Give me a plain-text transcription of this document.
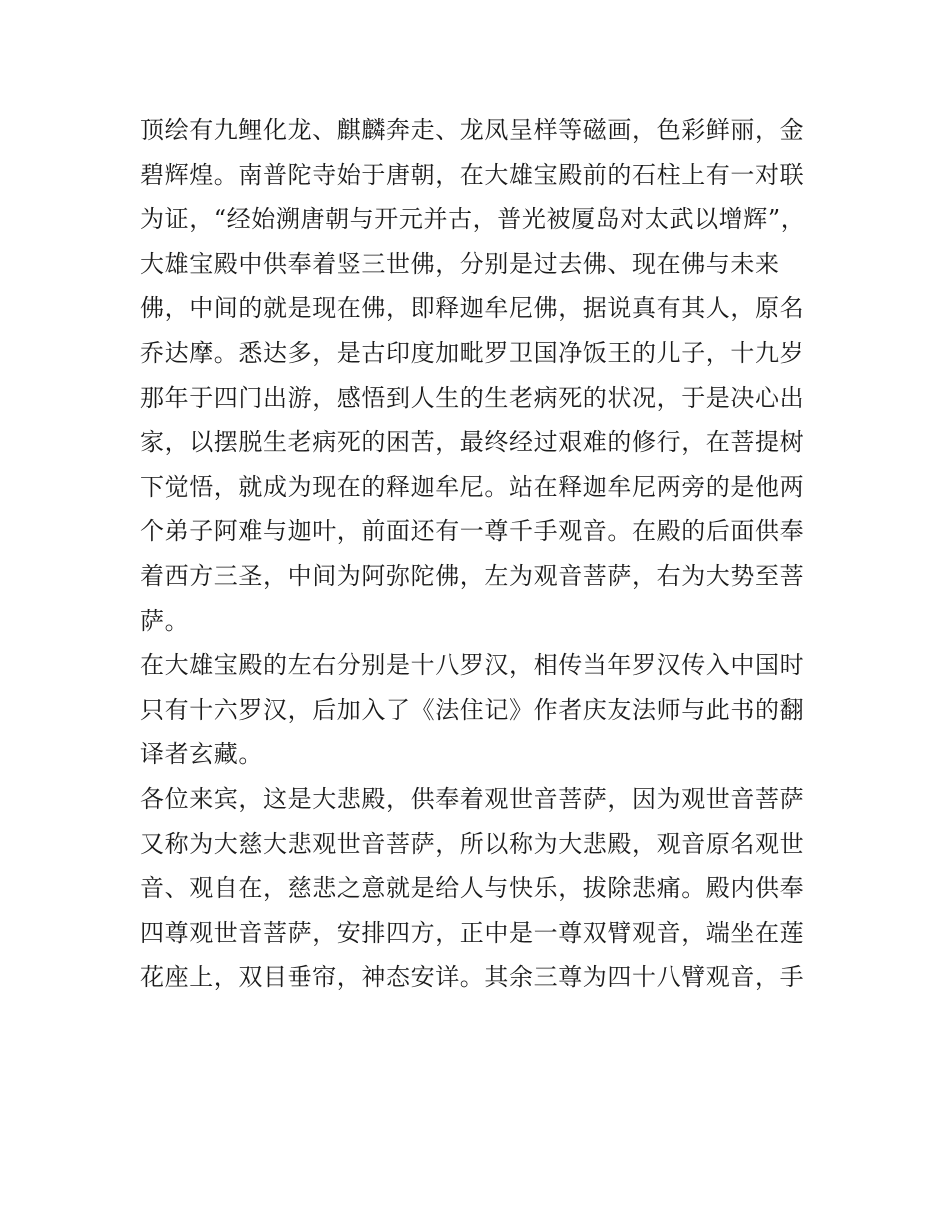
顶绘有九鲤化龙、麒麟奔走、龙凤呈样等磁画，色彩鲜丽，金
碧辉煌。南普陀寺始于唐朝，在大雄宝殿前的石柱上有一对联
为证，“经始溯唐朝与开元并古，普光被厦岛对太武以增辉”，
大雄宝殿中供奉着竖三世佛，分别是过去佛、现在佛与未来
佛，中间的就是现在佛，即释迦牟尼佛，据说真有其人，原名
乔达摩。悉达多，是古印度加毗罗卫国净饭王的儿子，十九岁
那年于四门出游，感悟到人生的生老病死的状况，于是决心出
家，以摆脱生老病死的困苦，最终经过艰难的修行，在菩提树
下觉悟，就成为现在的释迦牟尼。站在释迦牟尼两旁的是他两
个弟子阿难与迦叶，前面还有一尊千手观音。在殿的后面供奉
着西方三圣，中间为阿弥陀佛，左为观音菩萨，右为大势至菩
萨。
在大雄宝殿的左右分别是十八罗汉，相传当年罗汉传入中国时
只有十六罗汉，后加入了《法住记》作者庆友法师与此书的翻
译者玄藏。
各位来宾，这是大悲殿，供奉着观世音菩萨，因为观世音菩萨
又称为大慈大悲观世音菩萨，所以称为大悲殿，观音原名观世
音、观自在，慈悲之意就是给人与快乐，拔除悲痛。殿内供奉
四尊观世音菩萨，安排四方，正中是一尊双臂观音，端坐在莲
花座上，双目垂帘，神态安详。其余三尊为四十八臂观音，手
